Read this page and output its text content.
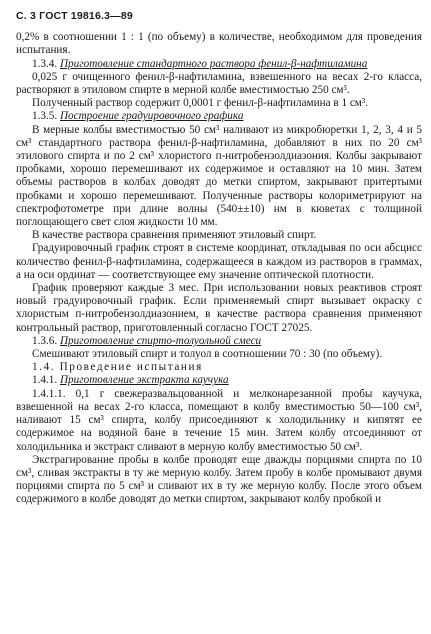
С. 3 ГОСТ 19816.3—89

0,2% в соотношении 1 : 1 (по объему) в количестве, необходимом для проведения испытания.

1.3.4. Приготовление стандартного раствора фенил-β-нафтиламина

0,025 г очищенного фенил-β-нафтиламина, взвешенного на весах 2-го класса, растворяют в этиловом спирте в мерной колбе вместимостью 250 см³.

Полученный раствор содержит 0,0001 г фенил-β-нафтиламина в 1 см³.

1.3.5. Построение градуировочного графика

В мерные колбы вместимостью 50 см³ наливают из микробюретки 1, 2, 3, 4 и 5 см³ стандартного раствора фенил-β-нафтиламина, добавляют в них по 20 см³ этилового спирта и по 2 см³ хлористого п-нитробензолдиазония. Колбы закрывают пробками, хорошо перемешивают их содержимое и оставляют на 10 мин. Затем объемы растворов в колбах доводят до метки спиртом, закрывают притертыми пробками и хорошо перемешивают. Полученные растворы колориметрируют на спектрофотометре при длине волны (540±±10) нм в кюветах с толщиной поглощающего свет слоя жидкости 10 мм.

В качестве раствора сравнения применяют этиловый спирт.

Градуировочный график строят в системе координат, откладывая по оси абсцисс количество фенил-β-нафтиламина, содержащееся в каждом из растворов в граммах, а на оси ординат — соответствующее ему значение оптической плотности.

График проверяют каждые 3 мес. При использовании новых реактивов строят новый градуировочный график. Если применяемый спирт вызывает окраску с хлористым п-нитробензолдиазонием, в качестве раствора сравнения применяют контрольный раствор, приготовленный согласно ГОСТ 27025.

1.3.6. Приготовление спирто-толуольной смеси

Смешивают этиловый спирт и толуол в соотношении 70 : 30 (по объему).

1.4. Проведение испытания

1.4.1. Приготовление экстракта каучука

1.4.1.1. 0,1 г свежеразвальцованной и мелконарезанной пробы каучука, взвешенной на весах 2-го класса, помещают в колбу вместимостью 50—100 см³, наливают 15 см³ спирта, колбу присоединяют к холодильнику и кипятят ее содержимое на водяной бане в течение 15 мин. Затем колбу отсоединяют от холодильника и экстракт сливают в мерную колбу вместимостью 50 см³.

Экстрагирование пробы в колбе проводят еще дважды порциями спирта по 10 см³, сливая экстракты в ту же мерную колбу. Затем пробу в колбе промывают двумя порциями спирта по 5 см³ и сливают их в ту же мерную колбу. После этого объем содержимого в колбе доводят до метки спиртом, закрывают колбу пробкой и
